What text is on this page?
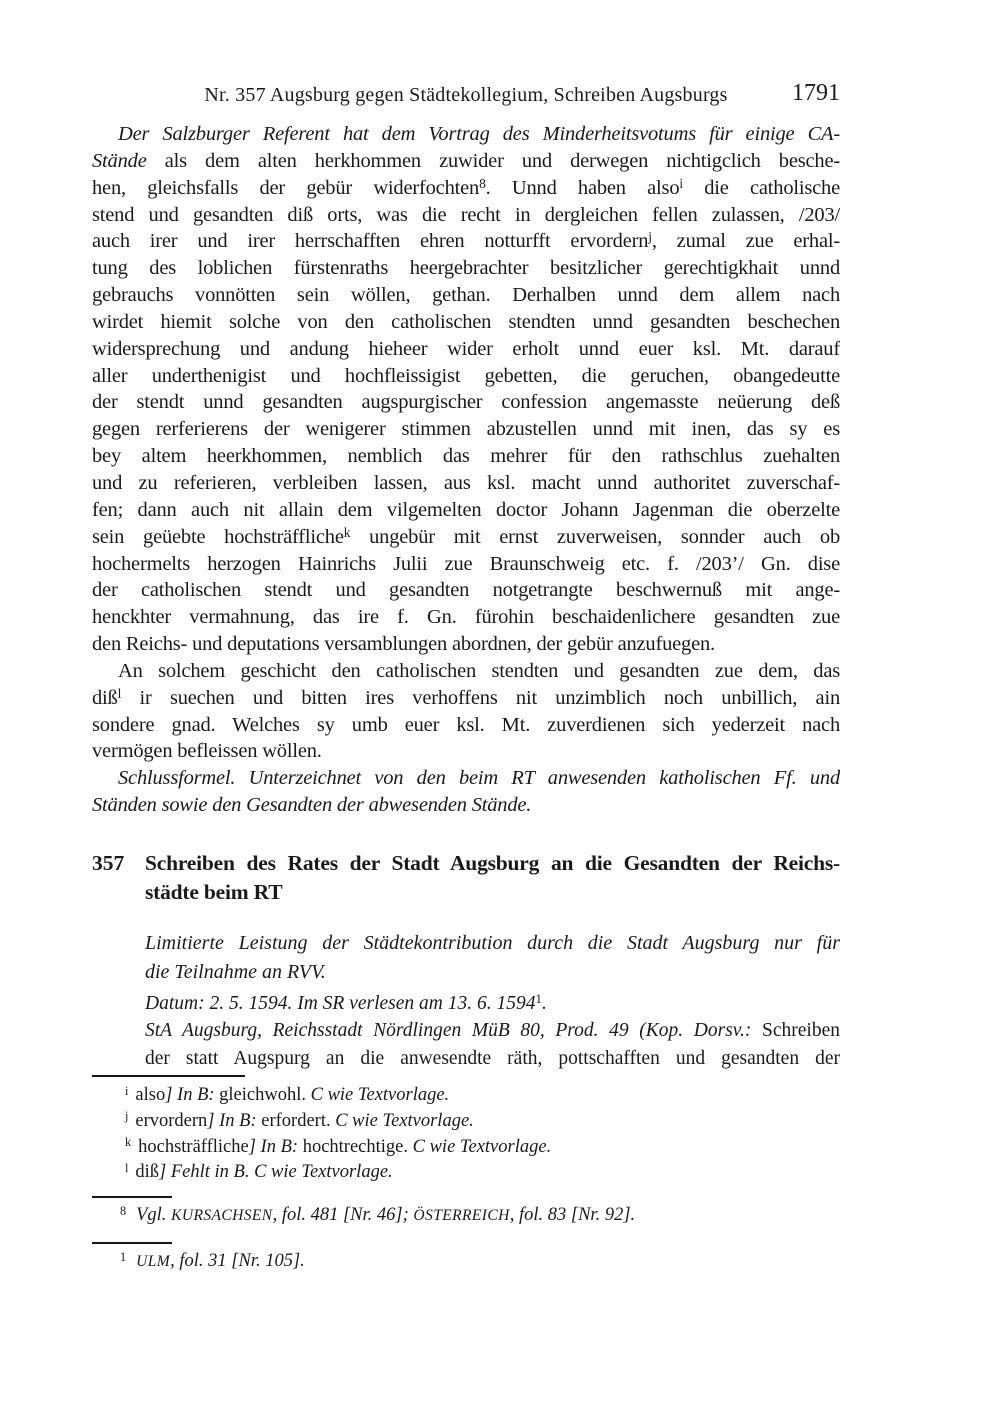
Nr. 357 Augsburg gegen Städtekollegium, Schreiben Augsburgs	1791
Der Salzburger Referent hat dem Vortrag des Minderheitsvotums für einige CA-
Stände als dem alten herkhommen zuwider und derwegen nichtigclich besche-
hen, gleichsfalls der gebür widerfochten$^8$. Unnd haben also$^i$ die catholische
stend und gesandten diß orts, was die recht in dergleichen fellen zulassen, /203/
auch irer und irer herrschafften ehren notturfft ervordern$^j$, zumal zue erhal-
tung des loblichen fürstenraths heergebrachter besitzlicher gerechtigkhait unnd
gebrauchs vonnötten sein wöllen, gethan. Derhalben unnd dem allem nach
wirdet hiemit solche von den catholischen stendten unnd gesandten beschechen
widersprechung und andung hieheer wider erholt unnd euer ksl. Mt. darauf
aller underthenigist und hochfleissigist gebetten, die geruchen, obangedeutte
der stendt unnd gesandten augspurgischer confession angemasste neüerung deß
gegen rerferierens der wenigerer stimmen abzustellen unnd mit inen, das sy es
bey altem heerkhommen, nemblich das mehrer für den rathschlus zuehalten
und zu referieren, verbleiben lassen, aus ksl. macht unnd authoritet zuverschaf-
fen; dann auch nit allain dem vilgemelten doctor Johann Jagenman die oberzelte
sein geüebte hochsträffliche$^k$ ungebür mit ernst zuverweisen, sonnder auch ob
hochermelts herzogen Hainrichs Julii zue Braunschweig etc. f. /203’/ Gn. dise
der catholischen stendt und gesandten notgetrangte beschwernuß mit ange-
henckhter vermahnung, das ire f. Gn. fürohin beschaidenlichere gesandten zue
den Reichs- und deputations versamblungen abordnen, der gebür anzufuegen.
An solchem geschicht den catholischen stendten und gesandten zue dem, das
diß$^l$ ir suechen und bitten ires verhoffens nit unzimblich noch unbillich, ain
sondere gnad. Welches sy umb euer ksl. Mt. zuverdienen sich yederzeit nach
vermögen befleissen wöllen.
Schlussformel. Unterzeichnet von den beim RT anwesenden katholischen Ff. und
Ständen sowie den Gesandten der abwesenden Stände.
357 Schreiben des Rates der Stadt Augsburg an die Gesandten der Reichs-
städte beim RT
Limitierte Leistung der Städtekontribution durch die Stadt Augsburg nur für
die Teilnahme an RVV.
Datum: 2. 5. 1594. Im SR verlesen am 13. 6. 1594$^1$.
StA Augsburg, Reichsstadt Nördlingen MüB 80, Prod. 49 (Kop. Dorsv.: Schreiben
der statt Augspurg an die anwesendte räth, pottschafften und gesandten der
$^i$ also] In B: gleichwohl. C wie Textvorlage.
$^j$ ervordern] In B: erfordert. C wie Textvorlage.
$^k$ hochsträffliche] In B: hochtrechtige. C wie Textvorlage.
$^l$ diß] Fehlt in B. C wie Textvorlage.
$^8$ Vgl. KURSACHSEN, fol. 481 [Nr. 46]; ÖSTERREICH, fol. 83 [Nr. 92].
$^1$ ULM, fol. 31 [Nr. 105].
